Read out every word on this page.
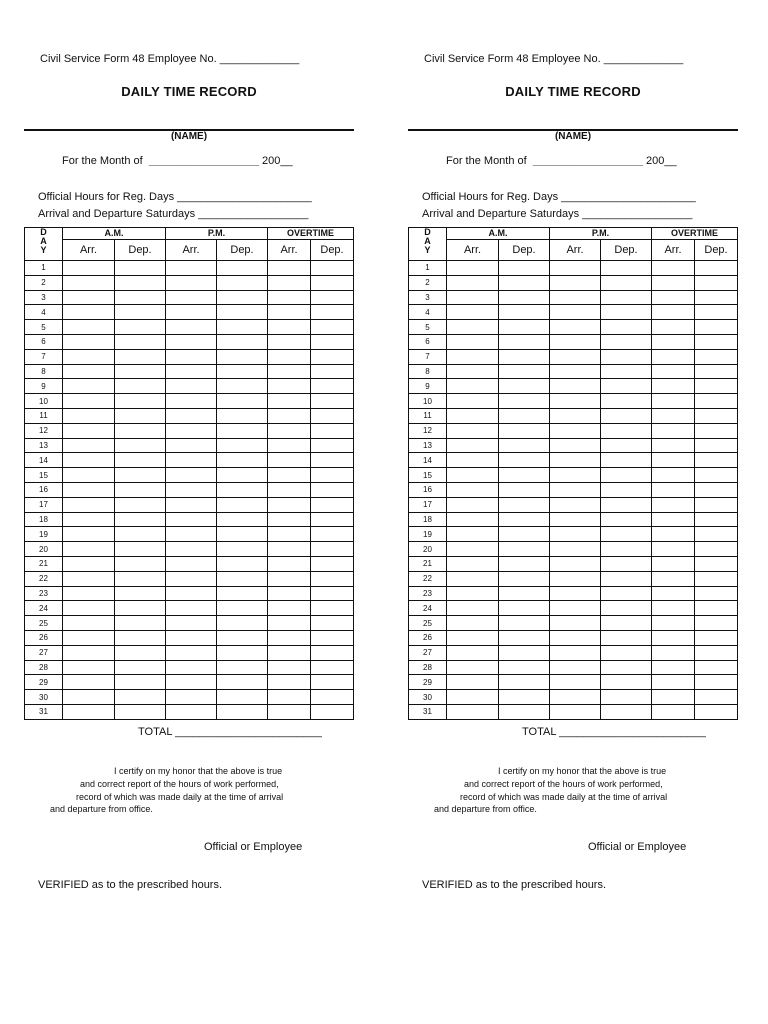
Civil Service Form 48 Employee No. _____________
DAILY TIME RECORD
(NAME)
For the Month of __________________ 200__
Official Hours for Reg. Days ______________________
Arrival and Departure Saturdays __________________
D
A
Y	A.M.		P.M.		OVERTIME	
	Arr.	Dep.	Arr.	Dep.	Arr.	Dep.
1						
2						
3						
4						
5						
6						
7						
8						
9						
10						
11						
12						
13						
14						
15						
16						
17						
18						
19						
20						
21						
22						
23						
24						
25						
26						
27						
28						
29						
30						
31						
TOTAL ________________________
I certify on my honor that the above is true
and correct report of the hours of work performed,
record of which was made daily at the time of arrival
and departure from office.
Official or Employee
VERIFIED as to the prescribed hours.
Civil Service Form 48 Employee No. _____________
DAILY TIME RECORD
(NAME)
For the Month of __________________ 200__
Official Hours for Reg. Days ______________________
Arrival and Departure Saturdays __________________
D
A
Y	A.M.		P.M.		OVERTIME	
	Arr.	Dep.	Arr.	Dep.	Arr.	Dep.
1						
2						
3						
4						
5						
6						
7						
8						
9						
10						
11						
12						
13						
14						
15						
16						
17						
18						
19						
20						
21						
22						
23						
24						
25						
26						
27						
28						
29						
30						
31						
TOTAL ________________________
I certify on my honor that the above is true
and correct report of the hours of work performed,
record of which was made daily at the time of arrival
and departure from office.
Official or Employee
VERIFIED as to the prescribed hours.
